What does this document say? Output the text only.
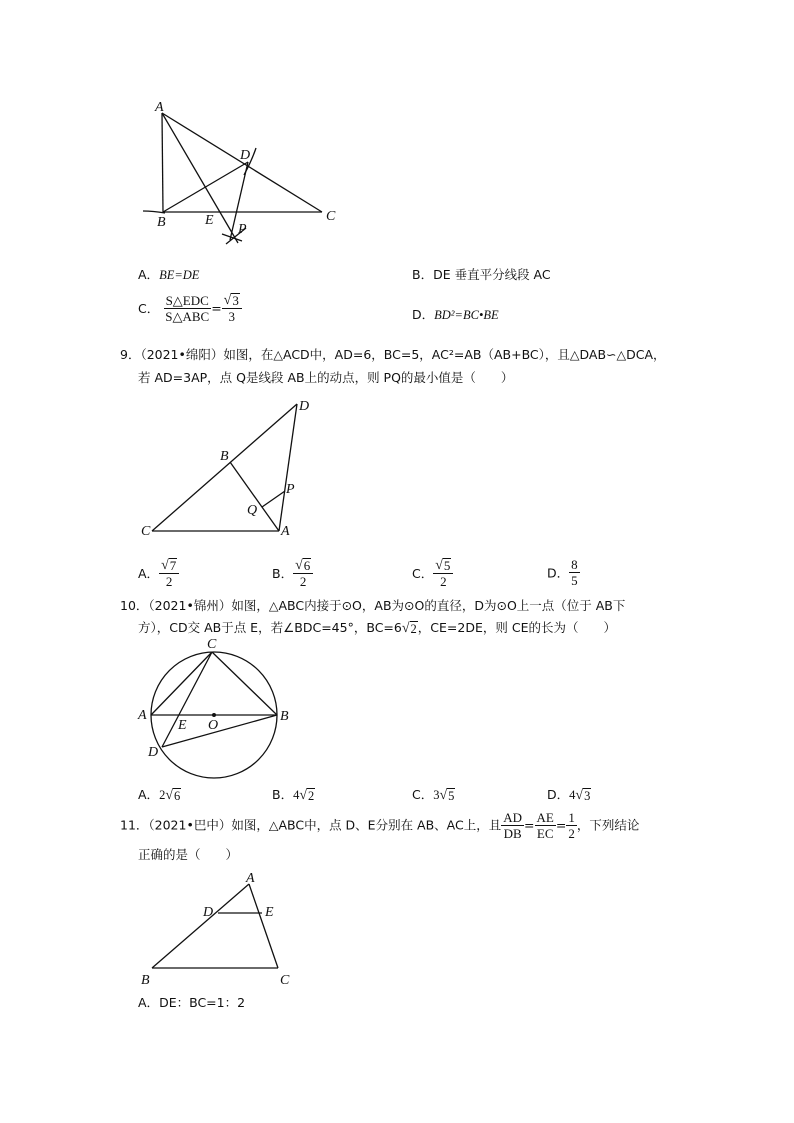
A
B	C
D
E
P
A．BE=DE	B．DE 垂直平分线段 AC
C． $\frac{\text{S△EDC}}{\text{S△ABC}} = \frac{√ 3}{3}$	D．BD²=BC•BE
9．（2021•绵阳）如图，在△ACD中，AD=6，BC=5，AC²=AB（AB+BC），且△DAB∽△DCA，
若 AD=3AP，点 Q是线段 AB上的动点，则 PQ的最小值是（　　）
D
B
C	A
P
Q
A． $\frac{√ 7}{2}$	B． $\frac{√ 6}{2}$	C． $\frac{√ 5}{2}$	D． $\frac{8}{5}$
10．（2021•锦州）如图，△ABC内接于⊙O，AB为⊙O的直径，D为⊙O上一点（位于 AB下
方），CD交 AB于点 E，若∠BDC=45°，BC=6 √ 2 ，CE=2DE，则 CE的长为（　　）
C
A	B
E O
D
A．2 √ 6	B．4 √ 2	C．3 √ 5	D．4 √ 3
11．（2021•巴中）如图，△ABC中，点 D、E分别在 AB、AC上，且 $\frac{AD}{DB} = \frac{AE}{EC} = \frac{1}{2}$ ，下列结论
正确的是（　　）
A
D	E
B	C
A．DE：BC=1：2
